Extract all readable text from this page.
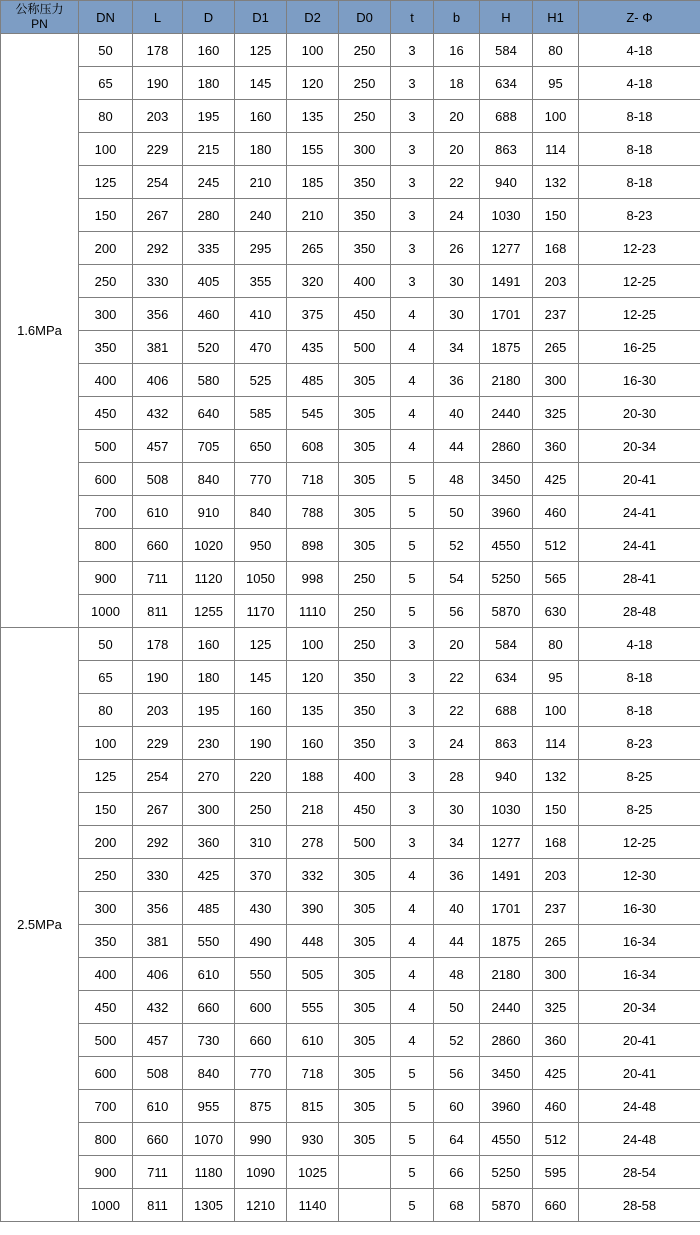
公称压力
PN	DN	L	D	D1	D2	D0	t	b	H	H1	Z- Φ
1.6MPa	50	178	160	125	100	250	3	16	584	80	4-18
	65	190	180	145	120	250	3	18	634	95	4-18
	80	203	195	160	135	250	3	20	688	100	8-18
	100	229	215	180	155	300	3	20	863	114	8-18
	125	254	245	210	185	350	3	22	940	132	8-18
	150	267	280	240	210	350	3	24	1030	150	8-23
	200	292	335	295	265	350	3	26	1277	168	12-23
	250	330	405	355	320	400	3	30	1491	203	12-25
	300	356	460	410	375	450	4	30	1701	237	12-25
	350	381	520	470	435	500	4	34	1875	265	16-25
	400	406	580	525	485	305	4	36	2180	300	16-30
	450	432	640	585	545	305	4	40	2440	325	20-30
	500	457	705	650	608	305	4	44	2860	360	20-34
	600	508	840	770	718	305	5	48	3450	425	20-41
	700	610	910	840	788	305	5	50	3960	460	24-41
	800	660	1020	950	898	305	5	52	4550	512	24-41
	900	711	1120	1050	998	250	5	54	5250	565	28-41
	1000	811	1255	1170	1110	250	5	56	5870	630	28-48
2.5MPa	50	178	160	125	100	250	3	20	584	80	4-18
	65	190	180	145	120	350	3	22	634	95	8-18
	80	203	195	160	135	350	3	22	688	100	8-18
	100	229	230	190	160	350	3	24	863	114	8-23
	125	254	270	220	188	400	3	28	940	132	8-25
	150	267	300	250	218	450	3	30	1030	150	8-25
	200	292	360	310	278	500	3	34	1277	168	12-25
	250	330	425	370	332	305	4	36	1491	203	12-30
	300	356	485	430	390	305	4	40	1701	237	16-30
	350	381	550	490	448	305	4	44	1875	265	16-34
	400	406	610	550	505	305	4	48	2180	300	16-34
	450	432	660	600	555	305	4	50	2440	325	20-34
	500	457	730	660	610	305	4	52	2860	360	20-41
	600	508	840	770	718	305	5	56	3450	425	20-41
	700	610	955	875	815	305	5	60	3960	460	24-48
	800	660	1070	990	930	305	5	64	4550	512	24-48
	900	711	1180	1090	1025		5	66	5250	595	28-54
	1000	811	1305	1210	1140		5	68	5870	660	28-58
